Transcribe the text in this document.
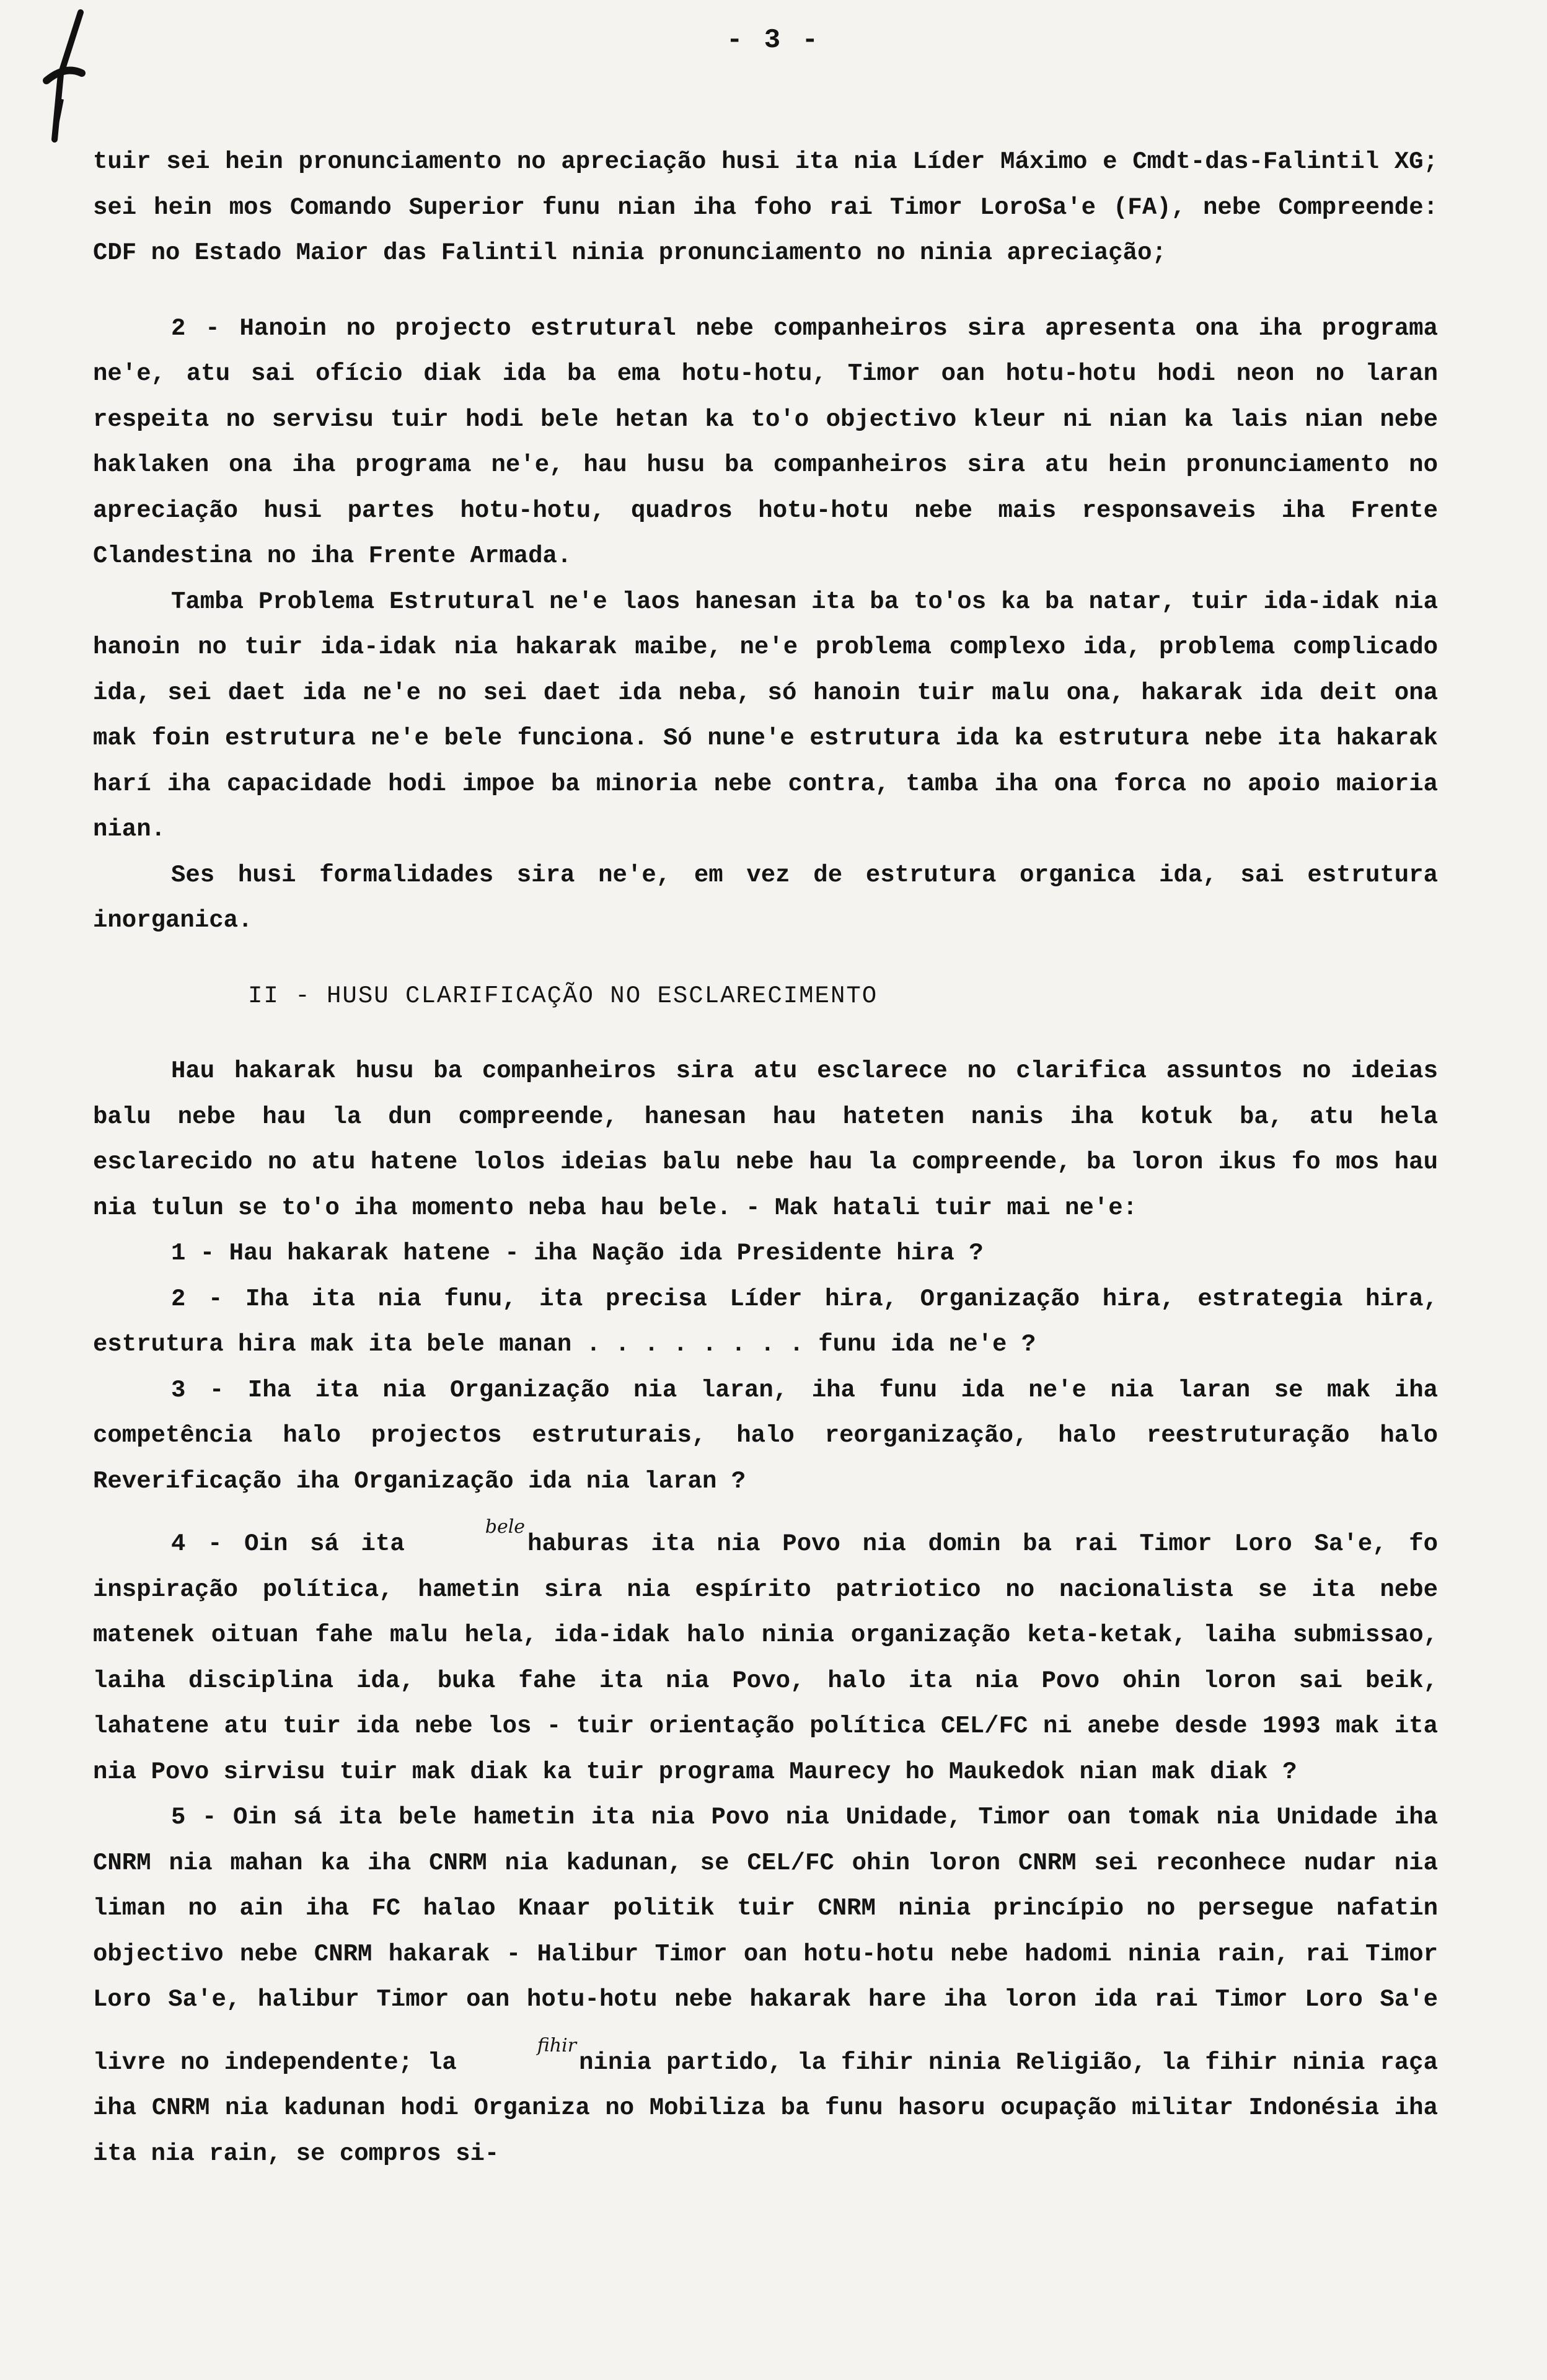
- 3 -

tuir sei hein pronunciamento no apreciação husi ita nia Líder Máximo e Cmdt-das-Falintil XG; sei hein mos Comando Superior funu nian iha foho rai Timor LoroSa'e (FA), nebe Compreende: CDF no Estado Maior das Falintil ninia pronunciamento no ninia apreciação;

2 - Hanoin no projecto estrutural nebe companheiros sira apresenta ona iha programa ne'e, atu sai ofício diak ida ba ema hotu-hotu, Timor oan hotu-hotu hodi neon no laran respeita no servisu tuir hodi bele hetan ka to'o objectivo kleur ni nian ka lais nian nebe haklaken ona iha programa ne'e, hau husu ba companheiros sira atu hein pronunciamento no apreciação husi partes hotu-hotu, quadros hotu-hotu nebe mais responsaveis iha Frente Clandestina no iha Frente Armada.

Tamba Problema Estrutural ne'e laos hanesan ita ba to'os ka ba natar, tuir ida-idak nia hanoin no tuir ida-idak nia hakarak maibe, ne'e problema complexo ida, problema complicado ida, sei daet ida ne'e no sei daet ida neba, só hanoin tuir malu ona, hakarak ida deit ona mak foin estrutura ne'e bele funciona. Só nune'e estrutura ida ka estrutura nebe ita hakarak harí iha capacidade hodi impoe ba minoria nebe contra, tamba iha ona forca no apoio maioria nian.

Ses husi formalidades sira ne'e, em vez de estrutura organica ida, sai estrutura inorganica.

II - HUSU CLARIFICAÇÃO NO ESCLARECIMENTO

Hau hakarak husu ba companheiros sira atu esclarece no clarifica assuntos no ideias balu nebe hau la dun compreende, hanesan hau hateten nanis iha kotuk ba, atu hela esclarecido no atu hatene lolos ideias balu nebe hau la compreende, ba loron ikus fo mos hau nia tulun se to'o iha momento neba hau bele. - Mak hatali tuir mai ne'e:

1 - Hau hakarak hatene - iha Nação ida Presidente hira ?

2 - Iha ita nia funu, ita precisa Líder hira, Organização hira, estrategia hira, estrutura hira mak ita bele manan . . . . . . . . funu ida ne'e ?

3 - Iha ita nia Organização nia laran, iha funu ida ne'e nia laran se mak iha competência halo projectos estruturais, halo reorganização, halo reestruturação halo Reverificação iha Organização ida nia laran ?

4 - Oin sá itabelehaburas ita nia Povo nia domin ba rai Timor Loro Sa'e, fo inspiração política, hametin sira nia espírito patriotico no nacionalista se ita nebe matenek oituan fahe malu hela, ida-idak halo ninia organização keta-ketak, laiha submissao, laiha disciplina ida, buka fahe ita nia Povo, halo ita nia Povo ohin loron sai beik, lahatene atu tuir ida nebe los - tuir orientação política CEL/FC ni anebe desde 1993 mak ita nia Povo sirvisu tuir mak diak ka tuir programa Maurecy ho Maukedok nian mak diak ?

5 - Oin sá ita bele hametin ita nia Povo nia Unidade, Timor oan tomak nia Unidade iha CNRM nia mahan ka iha CNRM nia kadunan, se CEL/FC ohin loron CNRM sei reconhece nudar nia liman no ain iha FC halao Knaar politik tuir CNRM ninia princípio no persegue nafatin objectivo nebe CNRM hakarak - Halibur Timor oan hotu-hotu nebe hadomi ninia rain, rai Timor Loro Sa'e, halibur Timor oan hotu-hotu nebe hakarak hare iha loron ida rai Timor Loro Sa'e livre no independente; lafihirninia partido, la fihir ninia Religião, la fihir ninia raça iha CNRM nia kadunan hodi Organiza no Mobiliza ba funu hasoru ocupação militar Indonésia iha ita nia rain, se compros si-
